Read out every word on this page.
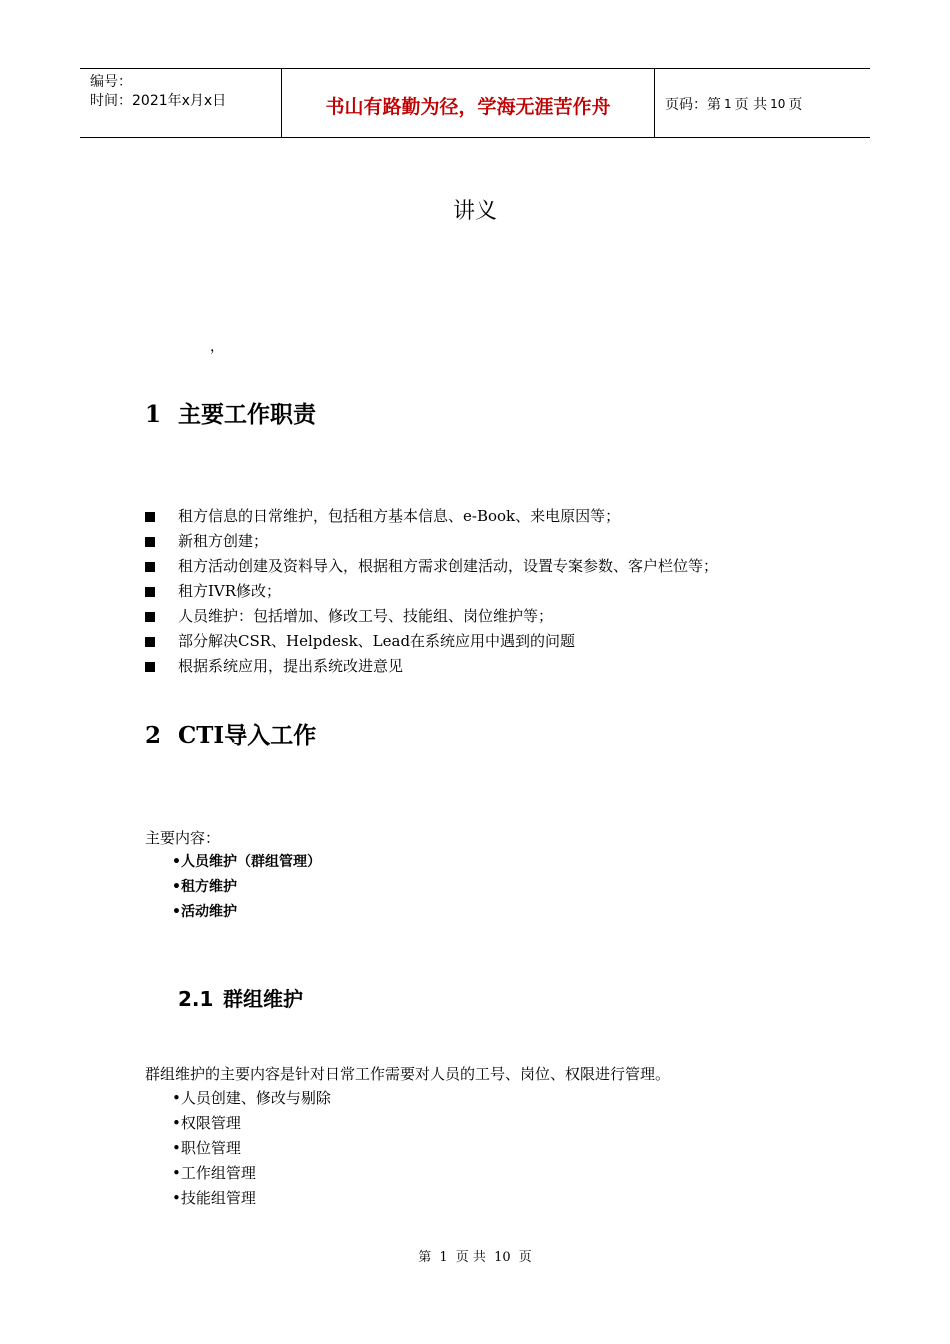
编号：
时间：2021年x月x日	书山有路勤为径，学海无涯苦作舟	页码：第 1 页 共 10 页
讲义
，
1 主要工作职责
租方信息的日常维护，包括租方基本信息、e-Book、来电原因等；
新租方创建；
租方活动创建及资料导入，根据租方需求创建活动，设置专案参数、客户栏位等；
租方IVR修改；
人员维护：包括增加、修改工号、技能组、岗位维护等；
部分解决CSR、Helpdesk、Lead在系统应用中遇到的问题
根据系统应用，提出系统改进意见
2 CTI导入工作
主要内容：
•人员维护（群组管理）
•租方维护
•活动维护
2.1 群组维护
群组维护的主要内容是针对日常工作需要对人员的工号、岗位、权限进行管理。
•人员创建、修改与剔除
•权限管理
•职位管理
•工作组管理
•技能组管理
第 1 页 共 10 页
